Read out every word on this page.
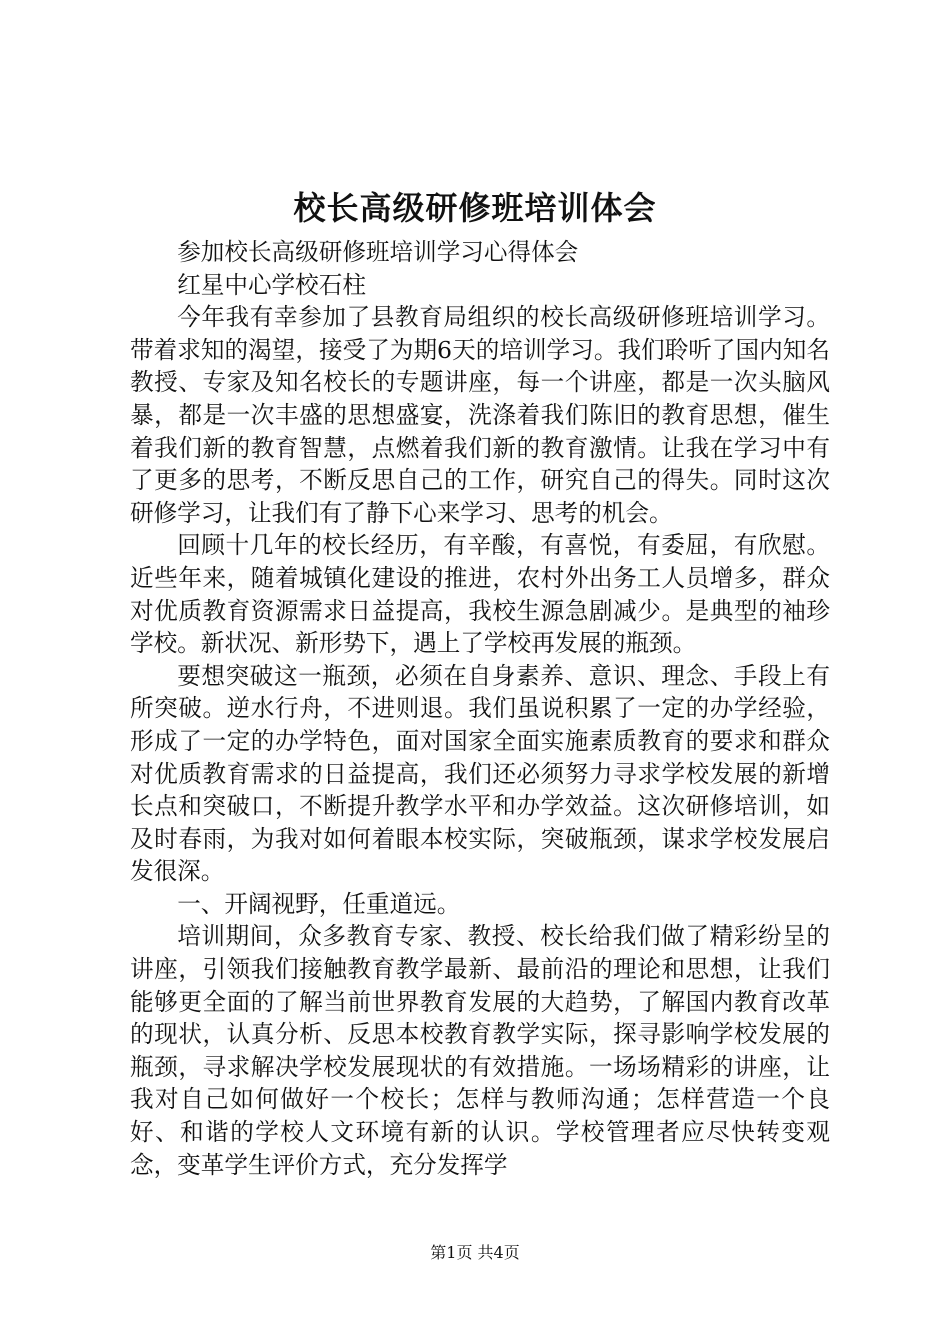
校长高级研修班培训体会

参加校长高级研修班培训学习心得体会

红星中心学校石柱

今年我有幸参加了县教育局组织的校长高级研修班培训学习。带着求知的渴望，接受了为期6天的培训学习。我们聆听了国内知名教授、专家及知名校长的专题讲座，每一个讲座，都是一次头脑风暴，都是一次丰盛的思想盛宴，洗涤着我们陈旧的教育思想，催生着我们新的教育智慧，点燃着我们新的教育激情。让我在学习中有了更多的思考，不断反思自己的工作，研究自己的得失。同时这次研修学习，让我们有了静下心来学习、思考的机会。

回顾十几年的校长经历，有辛酸，有喜悦，有委屈，有欣慰。近些年来，随着城镇化建设的推进，农村外出务工人员增多，群众对优质教育资源需求日益提高，我校生源急剧减少。是典型的袖珍学校。新状况、新形势下，遇上了学校再发展的瓶颈。

要想突破这一瓶颈，必须在自身素养、意识、理念、手段上有所突破。逆水行舟，不进则退。我们虽说积累了一定的办学经验，形成了一定的办学特色，面对国家全面实施素质教育的要求和群众对优质教育需求的日益提高，我们还必须努力寻求学校发展的新增长点和突破口，不断提升教学水平和办学效益。这次研修培训，如及时春雨，为我对如何着眼本校实际，突破瓶颈，谋求学校发展启发很深。

一、开阔视野，任重道远。

培训期间，众多教育专家、教授、校长给我们做了精彩纷呈的讲座，引领我们接触教育教学最新、最前沿的理论和思想，让我们能够更全面的了解当前世界教育发展的大趋势，了解国内教育改革的现状，认真分析、反思本校教育教学实际，探寻影响学校发展的瓶颈，寻求解决学校发展现状的有效措施。一场场精彩的讲座，让我对自己如何做好一个校长；怎样与教师沟通；怎样营造一个良好、和谐的学校人文环境有新的认识。学校管理者应尽快转变观念，变革学生评价方式，充分发挥学

第1页 共4页
